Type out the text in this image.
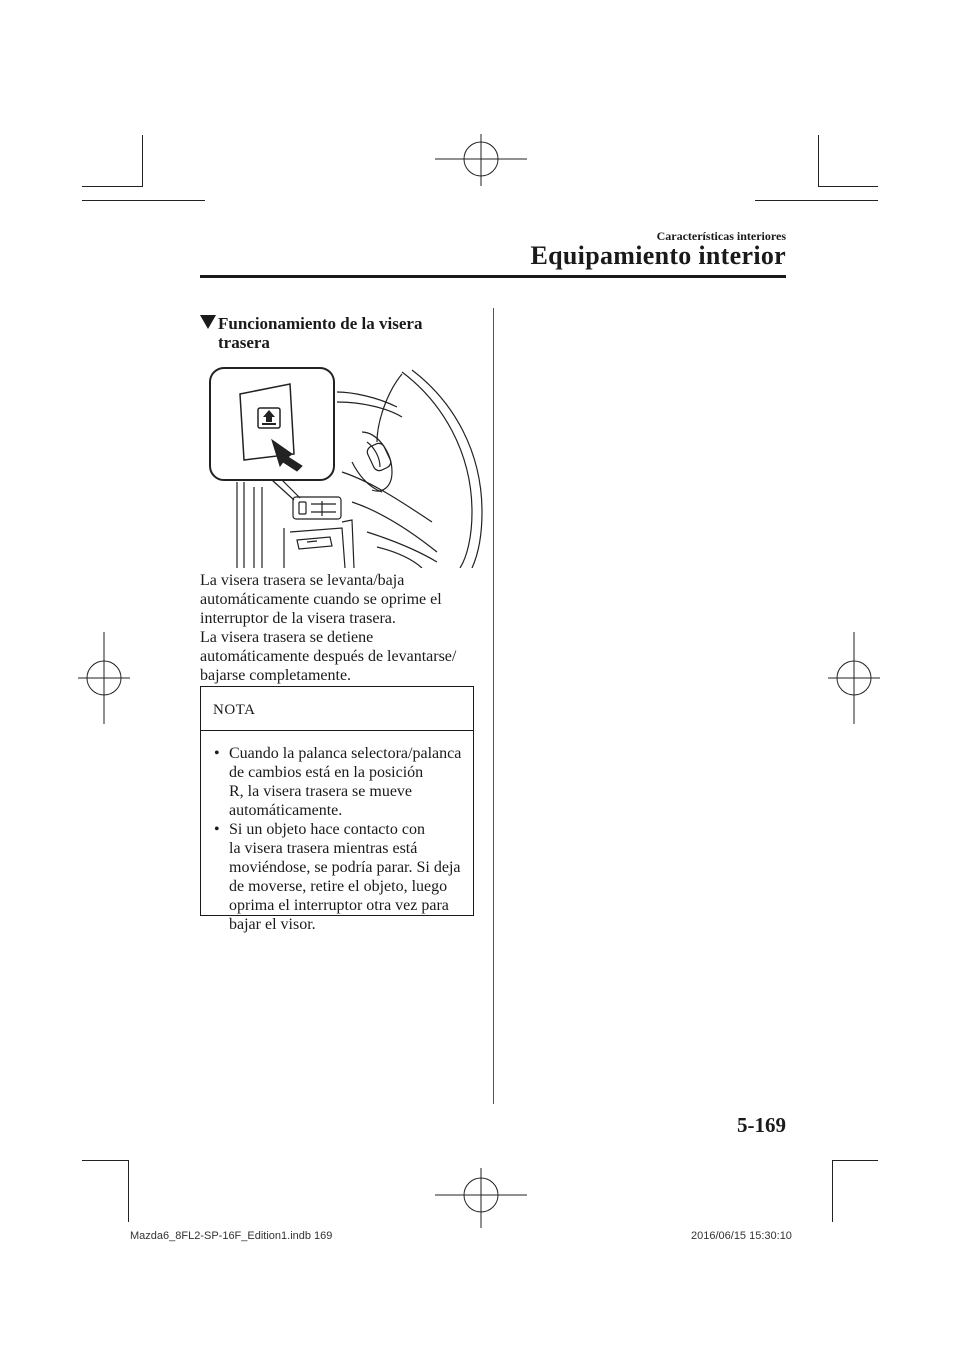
Características interiores
Equipamiento interior
Funcionamiento de la visera
trasera

La visera trasera se levanta/baja

automáticamente cuando se oprime el

interruptor de la visera trasera.

La visera trasera se detiene

automáticamente después de levantarse/

bajarse completamente.

NOTA
• Cuando la palanca selectora/palanca
de cambios está en la posición
R, la visera trasera se mueve
automáticamente.
• Si un objeto hace contacto con
la visera trasera mientras está
moviéndose, se podría parar. Si deja
de moverse, retire el objeto, luego
oprima el interruptor otra vez para
bajar el visor.
5-169
Mazda6_8FL2-SP-16F_Edition1.indb 169	2016/06/15 15:30:10
